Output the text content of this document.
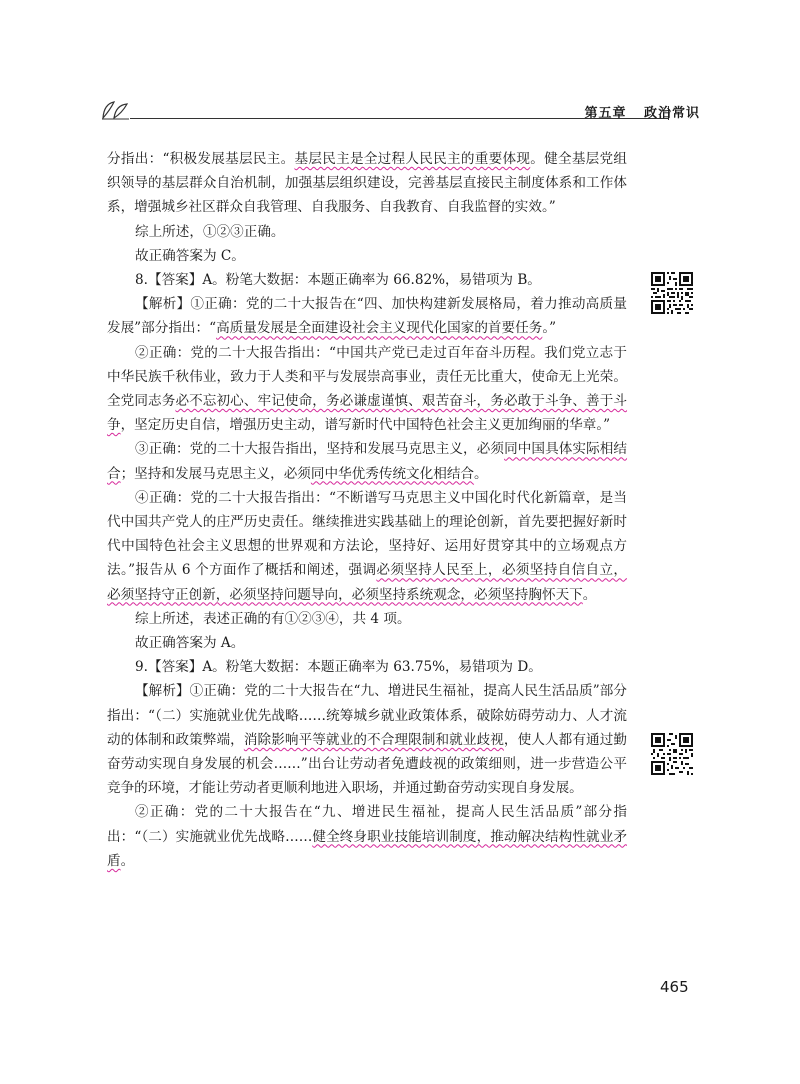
第五章 政治常识

分指出：“积极发展基层民主。基层民主是全过程人民民主的重要体现。健全基层党组织领导的基层群众自治机制，加强基层组织建设，完善基层直接民主制度体系和工作体系，增强城乡社区群众自我管理、自我服务、自我教育、自我监督的实效。”

综上所述，①②③正确。

故正确答案为 C。

8.【答案】A。粉笔大数据：本题正确率为 66.82%，易错项为 B。

【解析】①正确：党的二十大报告在“四、加快构建新发展格局，着力推动高质量发展”部分指出：“高质量发展是全面建设社会主义现代化国家的首要任务。”

②正确：党的二十大报告指出：“中国共产党已走过百年奋斗历程。我们党立志于中华民族千秋伟业，致力于人类和平与发展崇高事业，责任无比重大，使命无上光荣。全党同志务必不忘初心、牢记使命，务必谦虚谨慎、艰苦奋斗，务必敢于斗争、善于斗争，坚定历史自信，增强历史主动，谱写新时代中国特色社会主义更加绚丽的华章。”

③正确：党的二十大报告指出，坚持和发展马克思主义，必须同中国具体实际相结合；坚持和发展马克思主义，必须同中华优秀传统文化相结合。

④正确：党的二十大报告指出：“不断谱写马克思主义中国化时代化新篇章，是当代中国共产党人的庄严历史责任。继续推进实践基础上的理论创新，首先要把握好新时代中国特色社会主义思想的世界观和方法论，坚持好、运用好贯穿其中的立场观点方法。”报告从 6 个方面作了概括和阐述，强调必须坚持人民至上，必须坚持自信自立，必须坚持守正创新，必须坚持问题导向，必须坚持系统观念，必须坚持胸怀天下。

综上所述，表述正确的有①②③④，共 4 项。

故正确答案为 A。

9.【答案】A。粉笔大数据：本题正确率为 63.75%，易错项为 D。

【解析】①正确：党的二十大报告在“九、增进民生福祉，提高人民生活品质”部分指出：“（二）实施就业优先战略……统筹城乡就业政策体系，破除妨碍劳动力、人才流动的体制和政策弊端，消除影响平等就业的不合理限制和就业歧视，使人人都有通过勤奋劳动实现自身发展的机会……”出台让劳动者免遭歧视的政策细则，进一步营造公平竞争的环境，才能让劳动者更顺利地进入职场，并通过勤奋劳动实现自身发展。

②正确：党的二十大报告在“九、增进民生福祉，提高人民生活品质”部分指出：“（二）实施就业优先战略……健全终身职业技能培训制度，推动解决结构性就业矛盾。

465
